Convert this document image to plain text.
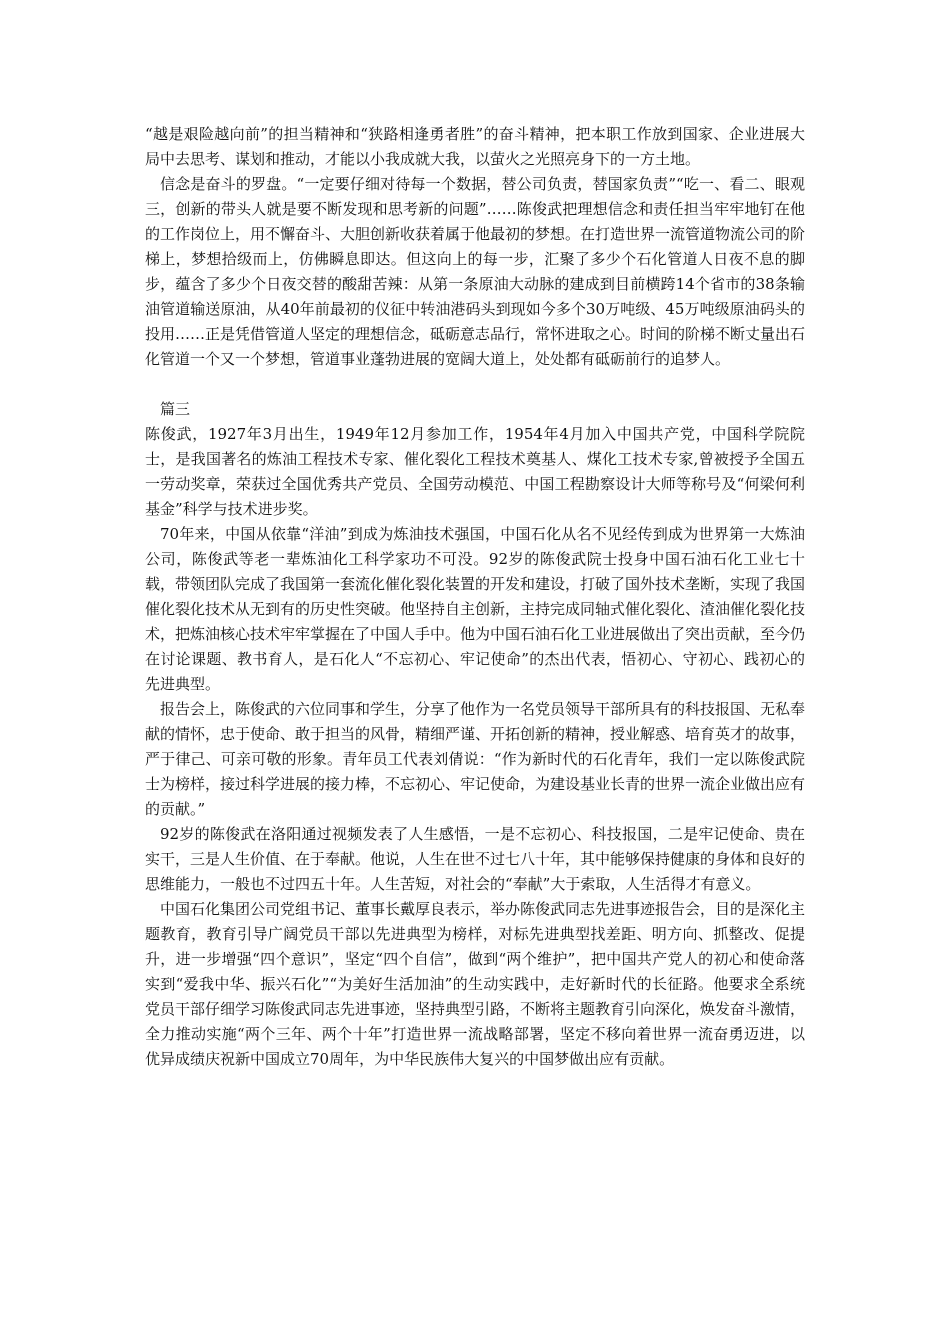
“越是艰险越向前”的担当精神和“狭路相逢勇者胜”的奋斗精神，把本职工作放到国家、企业进展大局中去思考、谋划和推动，才能以小我成就大我，以萤火之光照亮身下的一方土地。

信念是奋斗的罗盘。“一定要仔细对待每一个数据，替公司负责，替国家负责”“吃一、看二、眼观三，创新的带头人就是要不断发现和思考新的问题”……陈俊武把理想信念和责任担当牢牢地钉在他的工作岗位上，用不懈奋斗、大胆创新收获着属于他最初的梦想。在打造世界一流管道物流公司的阶梯上，梦想拾级而上，仿佛瞬息即达。但这向上的每一步，汇聚了多少个石化管道人日夜不息的脚步，蕴含了多少个日夜交替的酸甜苦辣：从第一条原油大动脉的建成到目前横跨14个省市的38条输油管道输送原油，从40年前最初的仪征中转油港码头到现如今多个30万吨级、45万吨级原油码头的投用……正是凭借管道人坚定的理想信念，砥砺意志品行，常怀进取之心。时间的阶梯不断丈量出石化管道一个又一个梦想，管道事业蓬勃进展的宽阔大道上，处处都有砥砺前行的追梦人。

篇三

陈俊武，1927年3月出生，1949年12月参加工作，1954年4月加入中国共产党，中国科学院院士，是我国著名的炼油工程技术专家、催化裂化工程技术奠基人、煤化工技术专家,曾被授予全国五一劳动奖章，荣获过全国优秀共产党员、全国劳动模范、中国工程勘察设计大师等称号及“何梁何利基金”科学与技术进步奖。

70年来，中国从依靠“洋油”到成为炼油技术强国，中国石化从名不见经传到成为世界第一大炼油公司，陈俊武等老一辈炼油化工科学家功不可没。92岁的陈俊武院士投身中国石油石化工业七十载，带领团队完成了我国第一套流化催化裂化装置的开发和建设，打破了国外技术垄断，实现了我国催化裂化技术从无到有的历史性突破。他坚持自主创新，主持完成同轴式催化裂化、渣油催化裂化技术，把炼油核心技术牢牢掌握在了中国人手中。他为中国石油石化工业进展做出了突出贡献，至今仍在讨论课题、教书育人，是石化人“不忘初心、牢记使命”的杰出代表，悟初心、守初心、践初心的先进典型。

报告会上，陈俊武的六位同事和学生，分享了他作为一名党员领导干部所具有的科技报国、无私奉献的情怀，忠于使命、敢于担当的风骨，精细严谨、开拓创新的精神，授业解惑、培育英才的故事，严于律己、可亲可敬的形象。青年员工代表刘倩说：“作为新时代的石化青年，我们一定以陈俊武院士为榜样，接过科学进展的接力棒，不忘初心、牢记使命，为建设基业长青的世界一流企业做出应有的贡献。”

92岁的陈俊武在洛阳通过视频发表了人生感悟，一是不忘初心、科技报国，二是牢记使命、贵在实干，三是人生价值、在于奉献。他说，人生在世不过七八十年，其中能够保持健康的身体和良好的思维能力，一般也不过四五十年。人生苦短，对社会的“奉献”大于索取，人生活得才有意义。

中国石化集团公司党组书记、董事长戴厚良表示，举办陈俊武同志先进事迹报告会，目的是深化主题教育，教育引导广阔党员干部以先进典型为榜样，对标先进典型找差距、明方向、抓整改、促提升，进一步增强“四个意识”，坚定“四个自信”，做到“两个维护”，把中国共产党人的初心和使命落实到“爱我中华、振兴石化”“为美好生活加油”的生动实践中，走好新时代的长征路。他要求全系统党员干部仔细学习陈俊武同志先进事迹，坚持典型引路，不断将主题教育引向深化，焕发奋斗激情，全力推动实施“两个三年、两个十年”打造世界一流战略部署，坚定不移向着世界一流奋勇迈进，以优异成绩庆祝新中国成立70周年，为中华民族伟大复兴的中国梦做出应有贡献。
